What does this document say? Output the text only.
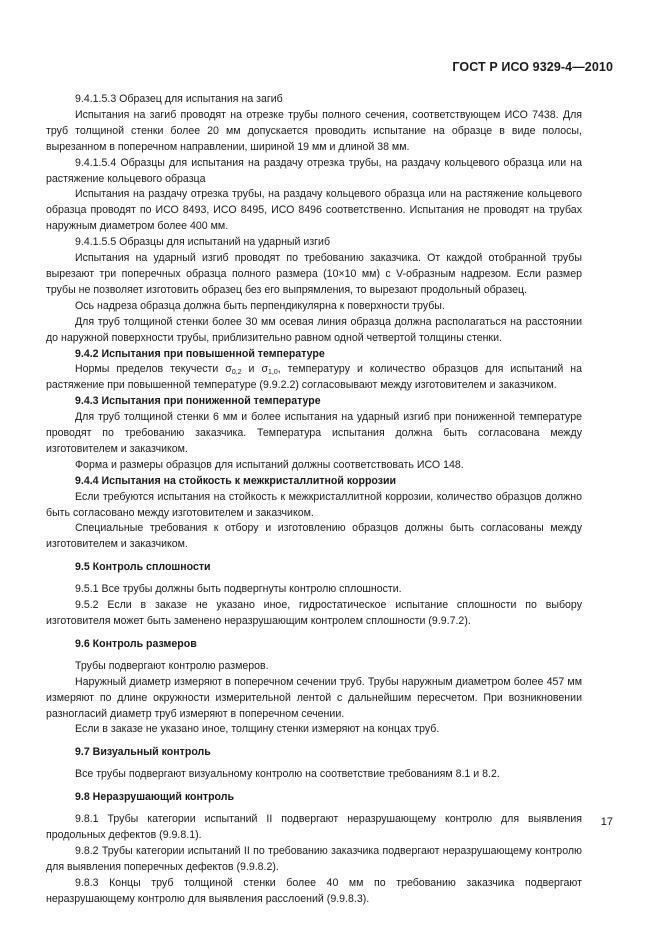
ГОСТ Р ИСО 9329-4—2010

9.4.1.5.3 Образец для испытания на загиб

Испытания на загиб проводят на отрезке трубы полного сечения, соответствующем ИСО 7438. Для труб толщиной стенки более 20 мм допускается проводить испытание на образце в виде полосы, вырезанном в поперечном направлении, шириной 19 мм и длиной 38 мм.

9.4.1.5.4 Образцы для испытания на раздачу отрезка трубы, на раздачу кольцевого образца или на растяжение кольцевого образца

Испытания на раздачу отрезка трубы, на раздачу кольцевого образца или на растяжение кольцевого образца проводят по ИСО 8493, ИСО 8495, ИСО 8496 соответственно. Испытания не проводят на трубах наружным диаметром более 400 мм.

9.4.1.5.5 Образцы для испытаний на ударный изгиб

Испытания на ударный изгиб проводят по требованию заказчика. От каждой отобранной трубы вырезают три поперечных образца полного размера (10×10 мм) с V-образным надрезом. Если размер трубы не позволяет изготовить образец без его выпрямления, то вырезают продольный образец.

Ось надреза образца должна быть перпендикулярна к поверхности трубы.

Для труб толщиной стенки более 30 мм осевая линия образца должна располагаться на расстоянии до наружной поверхности трубы, приблизительно равном одной четвертой толщины стенки.

9.4.2 Испытания при повышенной температуре

Нормы пределов текучести $\sigma_{0,2}$ и $\sigma_{1,0}$, температуру и количество образцов для испытаний на растяжение при повышенной температуре (9.9.2.2) согласовывают между изготовителем и заказчиком.

9.4.3 Испытания при пониженной температуре

Для труб толщиной стенки 6 мм и более испытания на ударный изгиб при пониженной температуре проводят по требованию заказчика. Температура испытания должна быть согласована между изготовителем и заказчиком.

Форма и размеры образцов для испытаний должны соответствовать ИСО 148.

9.4.4 Испытания на стойкость к межкристаллитной коррозии

Если требуются испытания на стойкость к межкристаллитной коррозии, количество образцов должно быть согласовано между изготовителем и заказчиком.

Специальные требования к отбору и изготовлению образцов должны быть согласованы между изготовителем и заказчиком.

9.5 Контроль сплошности

9.5.1 Все трубы должны быть подвергнуты контролю сплошности.

9.5.2 Если в заказе не указано иное, гидростатическое испытание сплошности по выбору изготовителя может быть заменено неразрушающим контролем сплошности (9.9.7.2).

9.6 Контроль размеров

Трубы подвергают контролю размеров.

Наружный диаметр измеряют в поперечном сечении труб. Трубы наружным диаметром более 457 мм измеряют по длине окружности измерительной лентой с дальнейшим пересчетом. При возникновении разногласий диаметр труб измеряют в поперечном сечении.

Если в заказе не указано иное, толщину стенки измеряют на концах труб.

9.7 Визуальный контроль

Все трубы подвергают визуальному контролю на соответствие требованиям 8.1 и 8.2.

9.8 Неразрушающий контроль

9.8.1 Трубы категории испытаний II подвергают неразрушающему контролю для выявления продольных дефектов (9.9.8.1).

9.8.2 Трубы категории испытаний II по требованию заказчика подвергают неразрушающему контролю для выявления поперечных дефектов (9.9.8.2).

9.8.3 Концы труб толщиной стенки более 40 мм по требованию заказчика подвергают неразрушающему контролю для выявления расслоений (9.9.8.3).

17
